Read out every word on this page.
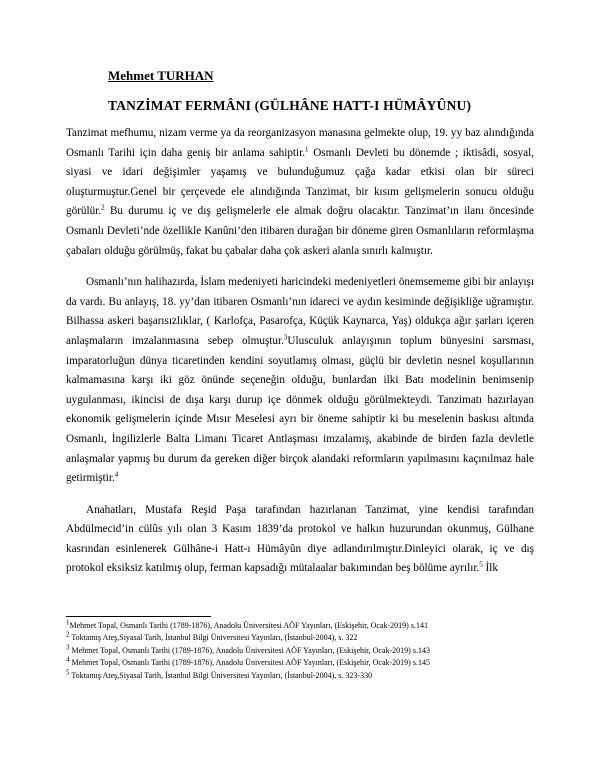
Mehmet TURHAN
TANZİMAT FERMÂNI (GÜLHÂNE HATT-I HÜMÂYÛNU)

Tanzimat mefhumu, nizam verme ya da reorganizasyon manasına gelmekte olup, 19. yy baz alındığında Osmanlı Tarihi için daha geniş bir anlama sahiptir.$^1$ Osmanlı Devleti bu dönemde ; iktisâdi, sosyal, siyasi ve idari değişimler yaşamış ve bulunduğumuz çağa kadar etkisi olan bir süreci oluşturmuştur.Genel bir çerçevede ele alındığında Tanzimat, bir kısım gelişmelerin sonucu olduğu görülür.$^2$ Bu durumu iç ve dış gelişmelerle ele almak doğru olacaktır. Tanzimat’ın ilanı öncesinde Osmanlı Devleti’nde özellikle Kanûni’den itibaren durağan bir döneme giren Osmanlıların reformlaşma çabaları olduğu görülmüş, fakat bu çabalar daha çok askeri alanla sınırlı kalmıştır.

Osmanlı’nın halihazırda, İslam medeniyeti haricindeki medeniyetleri önemsememe gibi bir anlayışı da vardı. Bu anlayış, 18. yy’dan itibaren Osmanlı’nın idareci ve aydın kesiminde değişikliğe uğramıştır. Bilhassa askeri başarısızlıklar, ( Karlofça, Pasarofça, Küçük Kaynarca, Yaş) oldukça ağır şarları içeren anlaşmaların imzalanmasına sebep olmuştur.$^3$Ulusculuk anlayışının toplum bünyesini sarsması, imparatorluğun dünya ticaretinden kendini soyutlamış olması, güçlü bir devletin nesnel koşullarının kalmamasına karşı iki göz önünde seçeneğin olduğu, bunlardan ilki Batı modelinin benimsenip uygulanması, ikincisi de dışa karşı durup içe dönmek olduğu görülmekteydi. Tanzimatı hazırlayan ekonomik gelişmelerin içinde Mısır Meselesi ayrı bir öneme sahiptir ki bu meselenin baskısı altında Osmanlı, İngilizlerle Balta Limanı Ticaret Antlaşması imzalamış, akabinde de birden fazla devletle anlaşmalar yapmış bu durum da gereken diğer birçok alandaki reformların yapılmasını kaçınılmaz hale getirmiştir.$^4$

Anahatları, Mustafa Reşid Paşa tarafından hazırlanan Tanzimat, yine kendisi tarafından Abdülmecid’in cülûs yılı olan 3 Kasım 1839’da protokol ve halkın huzurundan okunmuş, Gülhane kasrından esinlenerek Gülhâne-i Hatt-ı Hümâyûn diye adlandırılmıştır.Dinleyici olarak, iç ve dış protokol eksiksiz katılmış olup, ferman kapsadığı mütalaalar bakımından beş bölüme ayrılır.$^5$ İlk

$^1$Mehmet Topal, Osmanlı Tarihi (1789-1876), Anadolu Üniversitesi AÖF Yayınları, (Eskişehir, Ocak-2019) s.141
$^2$ Toktamış Ateş,Siyasal Tarih, İstanbul Bilgi Üniversitesi Yayınları, (İstanbul-2004), s. 322
$^3$ Mehmet Topal, Osmanlı Tarihi (1789-1876), Anadolu Üniversitesi AÖF Yayınları, (Eskişehir, Ocak-2019) s.143
$^4$ Mehmet Topal, Osmanlı Tarihi (1789-1876), Anadolu Üniversitesi AÖF Yayınları, (Eskişehir, Ocak-2019) s.145
$^5$ Toktamış Ateş,Siyasal Tarih, İstanbul Bilgi Üniversitesi Yayınları, (İstanbul-2004), s. 323-330
